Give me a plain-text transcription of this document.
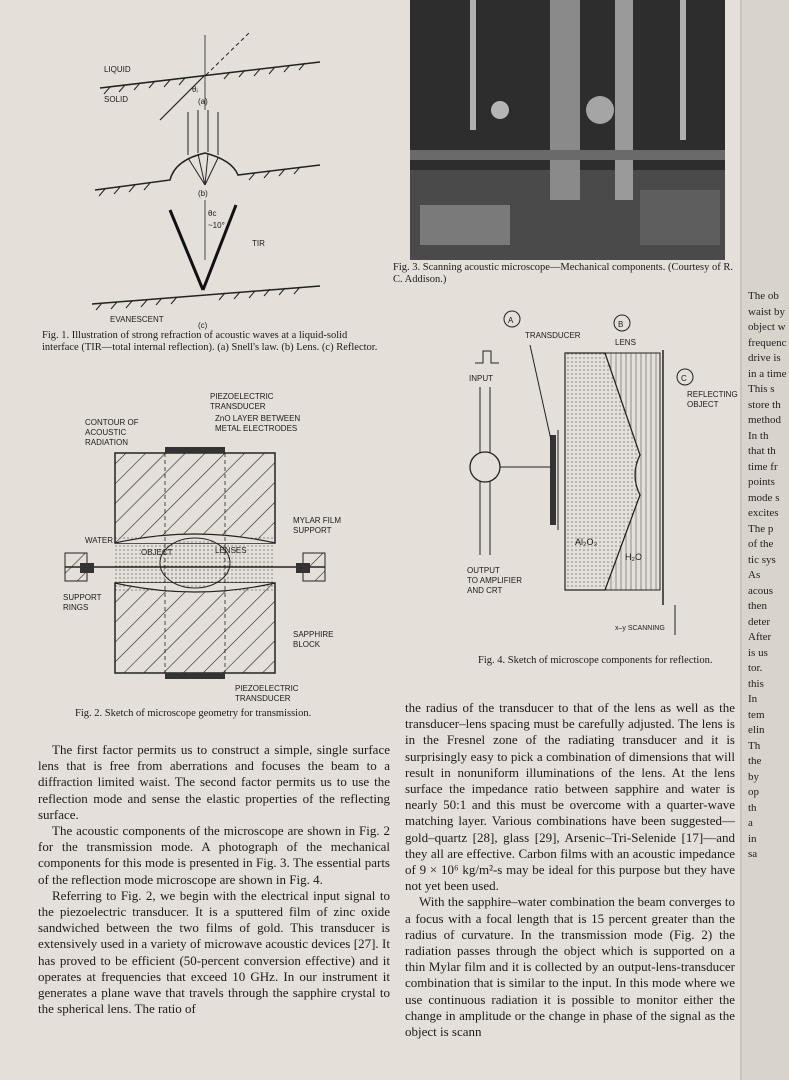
LIQUID
SOLID
θᵢ
(a)
(b)
θc
~10°
TIR
EVANESCENT
(c)
Fig. 1. Illustration of strong refraction of acoustic waves at a liquid-solid interface (TIR—total internal reflection). (a) Snell's law. (b) Lens. (c) Reflector.
Fig. 3. Scanning acoustic microscope—Mechanical components. (Courtesy of R. C. Addison.)
PIEZOELECTRIC TRANSDUCER
ZnO LAYER BETWEEN METAL ELECTRODES
CONTOUR OF ACOUSTIC RADIATION
WATER
OBJECT	LENSES
MYLAR FILM SUPPORT
SUPPORT RINGS
SAPPHIRE BLOCK
PIEZOELECTRIC TRANSDUCER
Fig. 2. Sketch of microscope geometry for transmission.
A	B
C
TRANSDUCER
LENS
INPUT
REFLECTING OBJECT
Al₂O₃
H₂O
OUTPUT TO AMPLIFIER AND CRT
x–y SCANNING
Fig. 4. Sketch of microscope components for reflection.

The first factor permits us to construct a simple, single surface lens that is free from aberrations and focuses the beam to a diffraction limited waist. The second factor permits us to use the reflection mode and sense the elastic properties of the reflecting surface.

The acoustic components of the microscope are shown in Fig. 2 for the transmission mode. A photograph of the mechanical components for this mode is presented in Fig. 3. The essential parts of the reflection mode microscope are shown in Fig. 4.

Referring to Fig. 2, we begin with the electrical input signal to the piezoelectric transducer. It is a sputtered film of zinc oxide sandwiched between the two films of gold. This transducer is extensively used in a variety of microwave acoustic devices [27]. It has proved to be efficient (50-percent conversion effective) and it operates at frequencies that exceed 10 GHz. In our instrument it generates a plane wave that travels through the sapphire crystal to the spherical lens. The ratio of

the radius of the transducer to that of the lens as well as the transducer–lens spacing must be carefully adjusted. The lens is in the Fresnel zone of the radiating transducer and it is surprisingly easy to pick a combination of dimensions that will result in nonuniform illuminations of the lens. At the lens surface the impedance ratio between sapphire and water is nearly 50:1 and this must be overcome with a quarter-wave matching layer. Various combinations have been suggested—gold–quartz [28], glass [29], Arsenic–Tri-Selenide [17]—and they all are effective. Carbon films with an acoustic impedance of 9 × 10⁶ kg/m²-s may be ideal for this purpose but they have not yet been used.

With the sapphire–water combination the beam converges to a focus with a focal length that is 15 percent greater than the radius of curvature. In the transmission mode (Fig. 2) the radiation passes through the object which is supported on a thin Mylar film and it is collected by an output-lens-transducer combination that is similar to the input. In this mode where we use continuous radiation it is possible to monitor either the change in amplitude or the change in phase of the signal as the object is scann

The ob
waist by
object w
frequenc
drive is
in a time
This s
store th
method
In th
that th
time fr
points
mode s
excites
The p
of the
tic sys
As
acous
then
deter
After
is us
tor.
this
In
tem
elin
Th
the
by
op
th
a
in
sa
